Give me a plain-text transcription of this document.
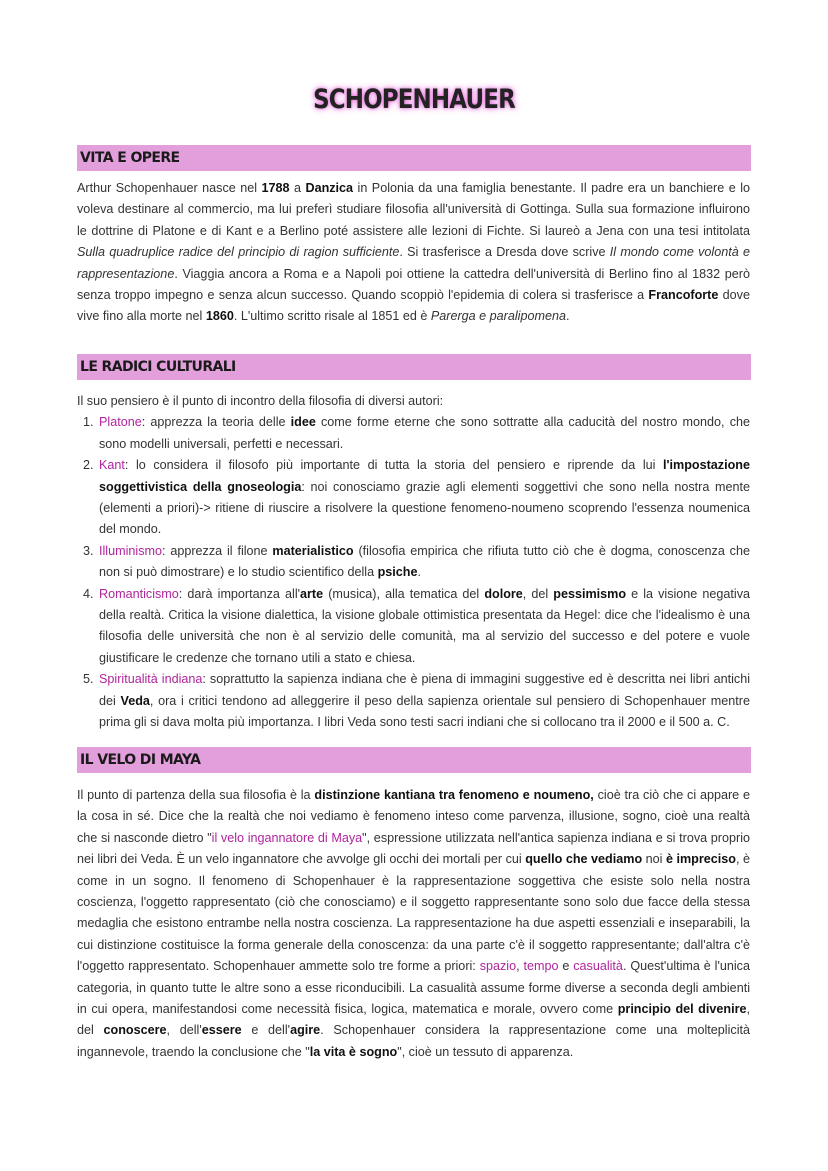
SCHOPENHAUER
VITA E OPERE
Arthur Schopenhauer nasce nel 1788 a Danzica in Polonia da una famiglia benestante. Il padre era un banchiere e lo voleva destinare al commercio, ma lui preferì studiare filosofia all'università di Gottinga. Sulla sua formazione influirono le dottrine di Platone e di Kant e a Berlino poté assistere alle lezioni di Fichte. Si laureò a Jena con una tesi intitolata Sulla quadruplice radice del principio di ragion sufficiente. Si trasferisce a Dresda dove scrive Il mondo come volontà e rappresentazione. Viaggia ancora a Roma e a Napoli poi ottiene la cattedra dell'università di Berlino fino al 1832 però senza troppo impegno e senza alcun successo. Quando scoppiò l'epidemia di colera si trasferisce a Francoforte dove vive fino alla morte nel 1860. L'ultimo scritto risale al 1851 ed è Parerga e paralipomena.
LE RADICI CULTURALI
Il suo pensiero è il punto di incontro della filosofia di diversi autori:
1. Platone: apprezza la teoria delle idee come forme eterne che sono sottratte alla caducità del nostro mondo, che sono modelli universali, perfetti e necessari.
2. Kant: lo considera il filosofo più importante di tutta la storia del pensiero e riprende da lui l'impostazione soggettivistica della gnoseologia: noi conosciamo grazie agli elementi soggettivi che sono nella nostra mente (elementi a priori)-> ritiene di riuscire a risolvere la questione fenomeno-noumeno scoprendo l'essenza noumenica del mondo.
3. Illuminismo: apprezza il filone materialistico (filosofia empirica che rifiuta tutto ciò che è dogma, conoscenza che non si può dimostrare) e lo studio scientifico della psiche.
4. Romanticismo: darà importanza all'arte (musica), alla tematica del dolore, del pessimismo e la visione negativa della realtà. Critica la visione dialettica, la visione globale ottimistica presentata da Hegel: dice che l'idealismo è una filosofia delle università che non è al servizio delle comunità, ma al servizio del successo e del potere e vuole giustificare le credenze che tornano utili a stato e chiesa.
5. Spiritualità indiana: soprattutto la sapienza indiana che è piena di immagini suggestive ed è descritta nei libri antichi dei Veda, ora i critici tendono ad alleggerire il peso della sapienza orientale sul pensiero di Schopenhauer mentre prima gli si dava molta più importanza. I libri Veda sono testi sacri indiani che si collocano tra il 2000 e il 500 a. C.
IL VELO DI MAYA
Il punto di partenza della sua filosofia è la distinzione kantiana tra fenomeno e noumeno, cioè tra ciò che ci appare e la cosa in sé. Dice che la realtà che noi vediamo è fenomeno inteso come parvenza, illusione, sogno, cioè una realtà che si nasconde dietro "il velo ingannatore di Maya", espressione utilizzata nell'antica sapienza indiana e si trova proprio nei libri dei Veda. È un velo ingannatore che avvolge gli occhi dei mortali per cui quello che vediamo noi è impreciso, è come in un sogno. Il fenomeno di Schopenhauer è la rappresentazione soggettiva che esiste solo nella nostra coscienza, l'oggetto rappresentato (ciò che conosciamo) e il soggetto rappresentante sono solo due facce della stessa medaglia che esistono entrambe nella nostra coscienza. La rappresentazione ha due aspetti essenziali e inseparabili, la cui distinzione costituisce la forma generale della conoscenza: da una parte c'è il soggetto rappresentante; dall'altra c'è l'oggetto rappresentato. Schopenhauer ammette solo tre forme a priori: spazio, tempo e casualità. Quest'ultima è l'unica categoria, in quanto tutte le altre sono a esse riconducibili. La casualità assume forme diverse a seconda degli ambienti in cui opera, manifestandosi come necessità fisica, logica, matematica e morale, ovvero come principio del divenire, del conoscere, dell'essere e dell'agire. Schopenhauer considera la rappresentazione come una molteplicità ingannevole, traendo la conclusione che "la vita è sogno", cioè un tessuto di apparenza.
